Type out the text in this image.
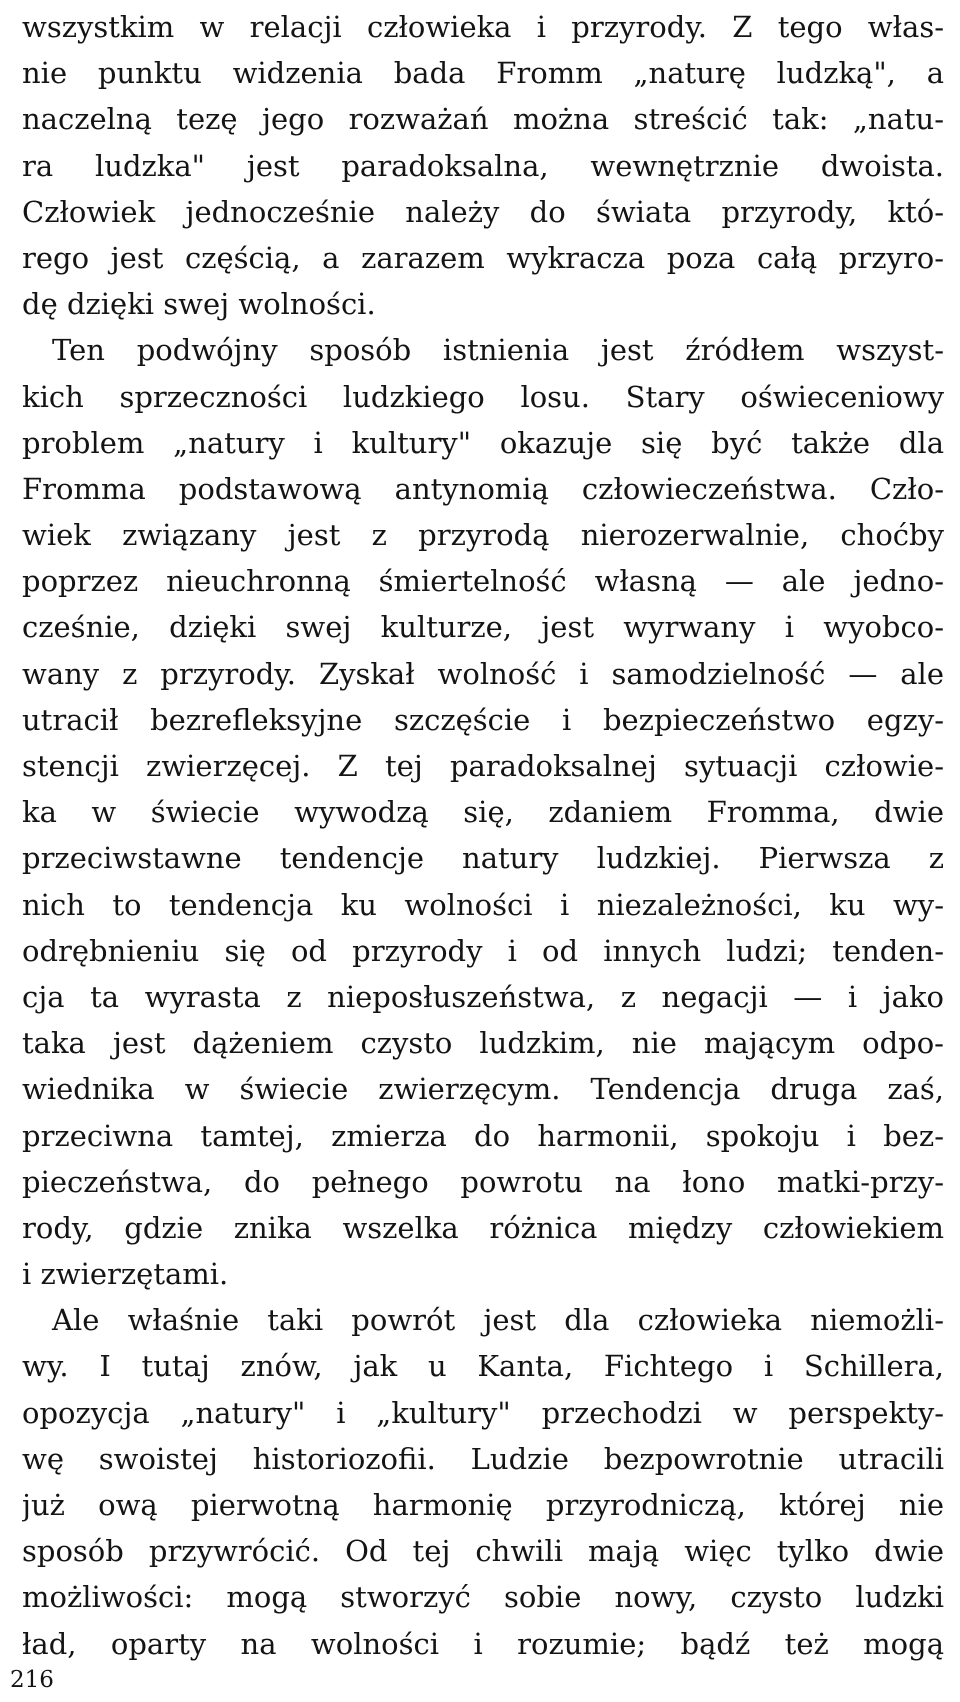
wszystkim w relacji człowieka i przyrody. Z tego włas-
nie punktu widzenia bada Fromm „naturę ludzką", a
naczelną tezę jego rozważań można streścić tak: „natu-
ra ludzka" jest paradoksalna, wewnętrznie dwoista.
Człowiek jednocześnie należy do świata przyrody, któ-
rego jest częścią, a zarazem wykracza poza całą przyro-
dę dzięki swej wolności.
Ten podwójny sposób istnienia jest źródłem wszyst-
kich sprzeczności ludzkiego losu. Stary oświeceniowy
problem „natury i kultury" okazuje się być także dla
Fromma podstawową antynomią człowieczeństwa. Czło-
wiek związany jest z przyrodą nierozerwalnie, choćby
poprzez nieuchronną śmiertelność własną — ale jedno-
cześnie, dzięki swej kulturze, jest wyrwany i wyobco-
wany z przyrody. Zyskał wolność i samodzielność — ale
utracił bezrefleksyjne szczęście i bezpieczeństwo egzy-
stencji zwierzęcej. Z tej paradoksalnej sytuacji człowie-
ka w świecie wywodzą się, zdaniem Fromma, dwie
przeciwstawne tendencje natury ludzkiej. Pierwsza z
nich to tendencja ku wolności i niezależności, ku wy-
odrębnieniu się od przyrody i od innych ludzi; tenden-
cja ta wyrasta z nieposłuszeństwa, z negacji — i jako
taka jest dążeniem czysto ludzkim, nie mającym odpo-
wiednika w świecie zwierzęcym. Tendencja druga zaś,
przeciwna tamtej, zmierza do harmonii, spokoju i bez-
pieczeństwa, do pełnego powrotu na łono matki-przy-
rody, gdzie znika wszelka różnica między człowiekiem
i zwierzętami.
Ale właśnie taki powrót jest dla człowieka niemożli-
wy. I tutaj znów, jak u Kanta, Fichtego i Schillera,
opozycja „natury" i „kultury" przechodzi w perspekty-
wę swoistej historiozofii. Ludzie bezpowrotnie utracili
już ową pierwotną harmonię przyrodniczą, której nie
sposób przywrócić. Od tej chwili mają więc tylko dwie
możliwości: mogą stworzyć sobie nowy, czysto ludzki
ład, oparty na wolności i rozumie; bądź też mogą
216
